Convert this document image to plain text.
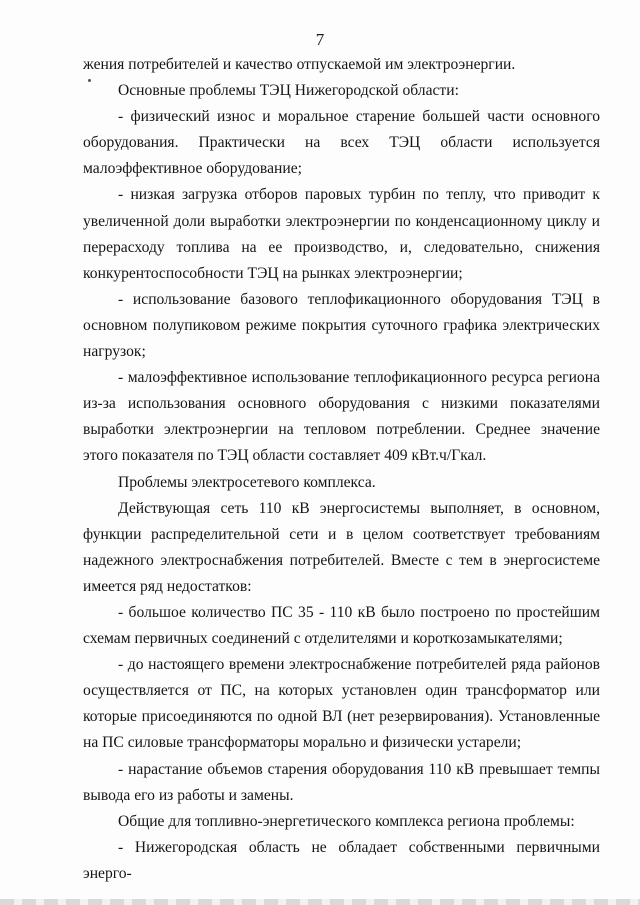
7

жения потребителей и качество отпускаемой им электроэнергии.

Основные проблемы ТЭЦ Нижегородской области:

- физический износ и моральное старение большей части основного оборудования. Практически на всех ТЭЦ области используется малоэффективное оборудование;

- низкая загрузка отборов паровых турбин по теплу, что приводит к увеличенной доли выработки электроэнергии по конденсационному циклу и перерасходу топлива на ее производство, и, следовательно, снижения конкурентоспособности ТЭЦ на рынках электроэнергии;

- использование базового теплофикационного оборудования ТЭЦ в основном полупиковом режиме покрытия суточного графика электрических нагрузок;

- малоэффективное использование теплофикационного ресурса региона из-за использования основного оборудования с низкими показателями выработки электроэнергии на тепловом потреблении. Среднее значение этого показателя по ТЭЦ области составляет 409 кВт.ч/Гкал.

Проблемы электросетевого комплекса.

Действующая сеть 110 кВ энергосистемы выполняет, в основном, функции распределительной сети и в целом соответствует требованиям надежного электроснабжения потребителей. Вместе с тем в энергосистеме имеется ряд недостатков:

- большое количество ПС 35 - 110 кВ было построено по простейшим схемам первичных соединений с отделителями и короткозамыкателями;

- до настоящего времени электроснабжение потребителей ряда районов осуществляется от ПС, на которых установлен один трансформатор или которые присоединяются по одной ВЛ (нет резервирования). Установленные на ПС силовые трансформаторы морально и физически устарели;

- нарастание объемов старения оборудования 110 кВ превышает темпы вывода его из работы и замены.

Общие для топливно-энергетического комплекса региона проблемы:

- Нижегородская область не обладает собственными первичными энерго-
